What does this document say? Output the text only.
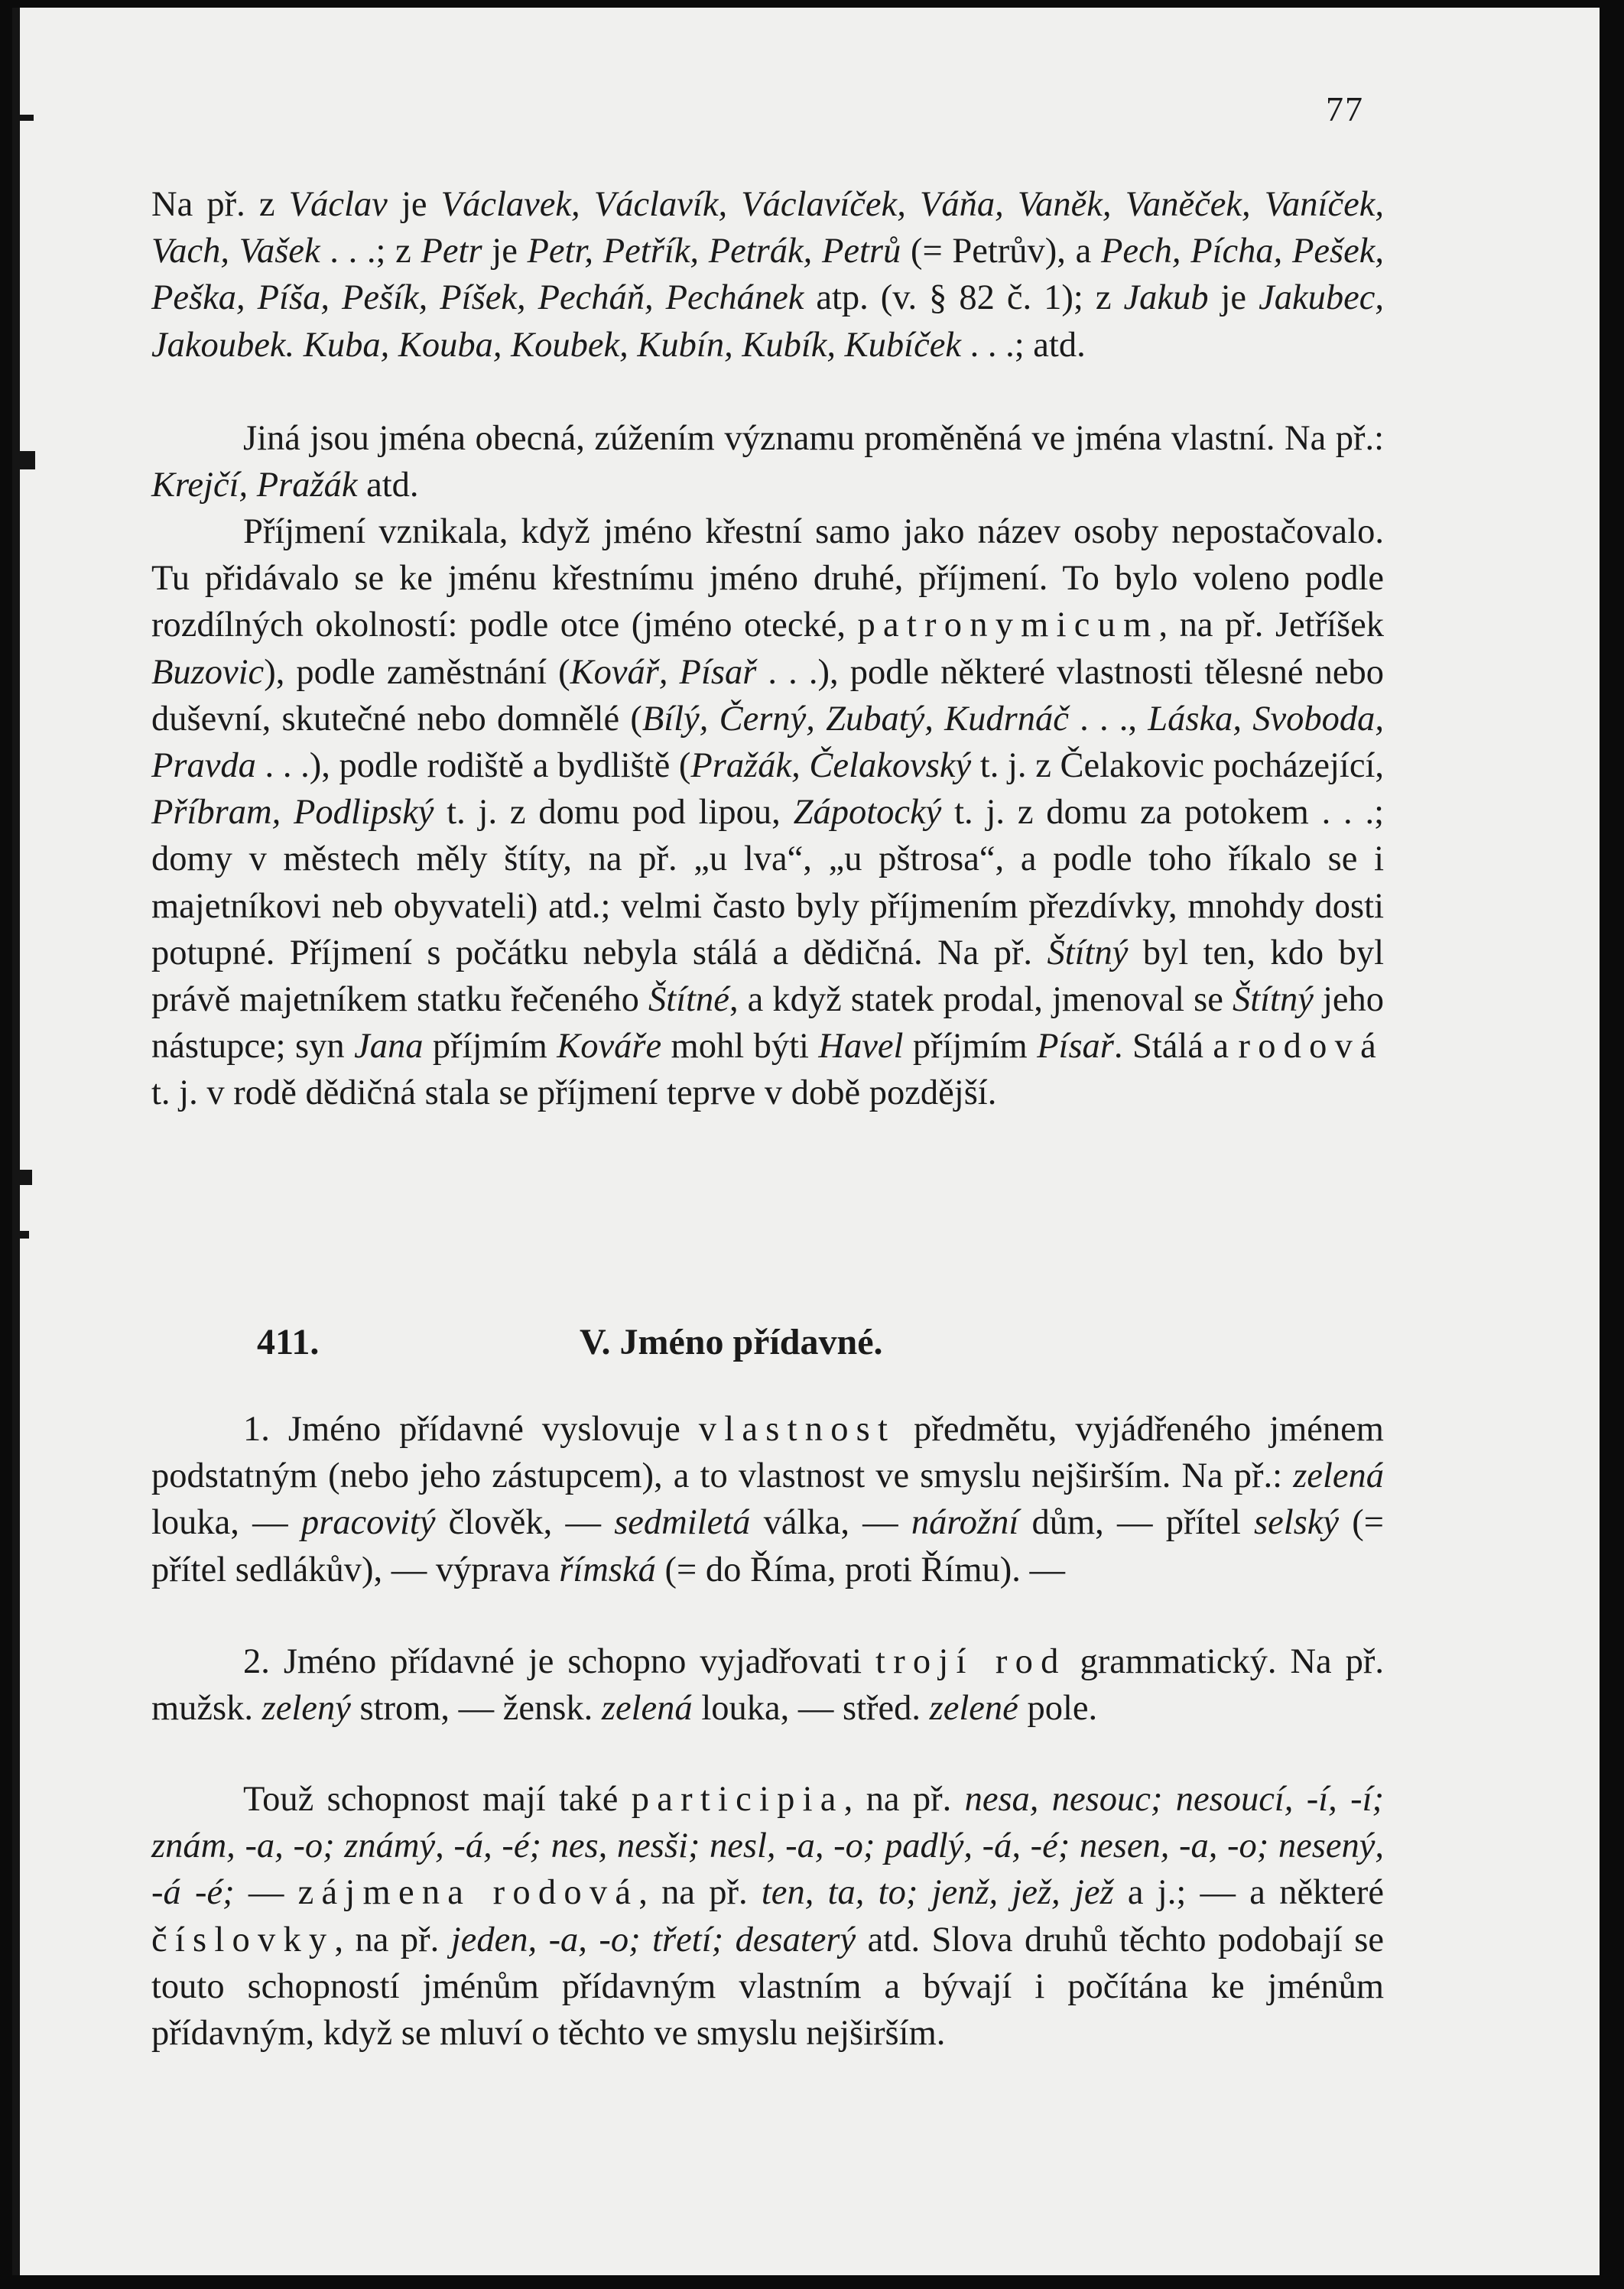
77

Na př. z Václav je Václavek, Václavík, Václavíček, Váňa, Vaněk, Vaněček, Vaníček, Vach, Vašek . . .; z Petr je Petr, Petřík, Petrák, Petrů (= Petrův), a Pech, Pícha, Pešek, Peška, Píša, Pešík, Píšek, Pecháň, Pechánek atp. (v. § 82 č. 1); z Jakub je Jakubec, Jakoubek. Kuba, Kouba, Koubek, Kubín, Kubík, Kubíček . . .; atd.

Jiná jsou jména obecná, zúžením významu proměněná ve jména vlastní. Na př.: Krejčí, Pražák atd.

Příjmení vznikala, když jméno křestní samo jako název osoby nepostačovalo. Tu přidávalo se ke jménu křestnímu jméno druhé, příjmení. To bylo voleno podle rozdílných okolností: podle otce (jméno otecké, patronymicum, na př. Jetříšek Buzovic), podle zaměstnání (Kovář, Písař . . .), podle některé vlastnosti tělesné nebo duševní, skutečné nebo domnělé (Bílý, Černý, Zubatý, Kudrnáč . . ., Láska, Svoboda, Pravda . . .), podle rodiště a bydliště (Pražák, Čelakovský t. j. z Čelakovic pocházející, Příbram, Podlipský t. j. z domu pod lipou, Zápotocký t. j. z domu za potokem . . .; domy v městech měly štíty, na př. „u lva“, „u pštrosa“, a podle toho říkalo se i majetníkovi neb obyvateli) atd.; velmi často byly příjmením přezdívky, mnohdy dosti potupné. Příjmení s počátku nebyla stálá a dědičná. Na př. Štítný byl ten, kdo byl právě majetníkem statku řečeného Štítné, a když statek prodal, jmenoval se Štítný jeho nástupce; syn Jana příjmím Kováře mohl býti Havel příjmím Písař. Stálá a rodová t. j. v rodě dědičná stala se příjmení teprve v době pozdější.

411.	V. Jméno přídavné.

1. Jméno přídavné vyslovuje vlastnost předmětu, vyjádřeného jménem podstatným (nebo jeho zástupcem), a to vlastnost ve smyslu nejširším. Na př.: zelená louka, — pracovitý člověk, — sedmiletá válka, — nárožní dům, — přítel selský (= přítel sedlákův), — výprava římská (= do Říma, proti Římu). —

2. Jméno přídavné je schopno vyjadřovati trojí rod grammatický. Na př. mužsk. zelený strom, — žensk. zelená louka, — střed. zelené pole.

Touž schopnost mají také participia, na př. nesa, nesouc; nesoucí, -í, -í; znám, -a, -o; známý, -á, -é; nes, nesši; nesl, -a, -o; padlý, -á, -é; nesen, -a, -o; nesený, -á -é; — zájmena rodová, na př. ten, ta, to; jenž, jež, jež a j.; — a některé číslovky, na př. jeden, -a, -o; třetí; desaterý atd. Slova druhů těchto podobají se touto schopností jménům přídavným vlastním a bývají i počítána ke jménům přídavným, když se mluví o těchto ve smyslu nejširším.
